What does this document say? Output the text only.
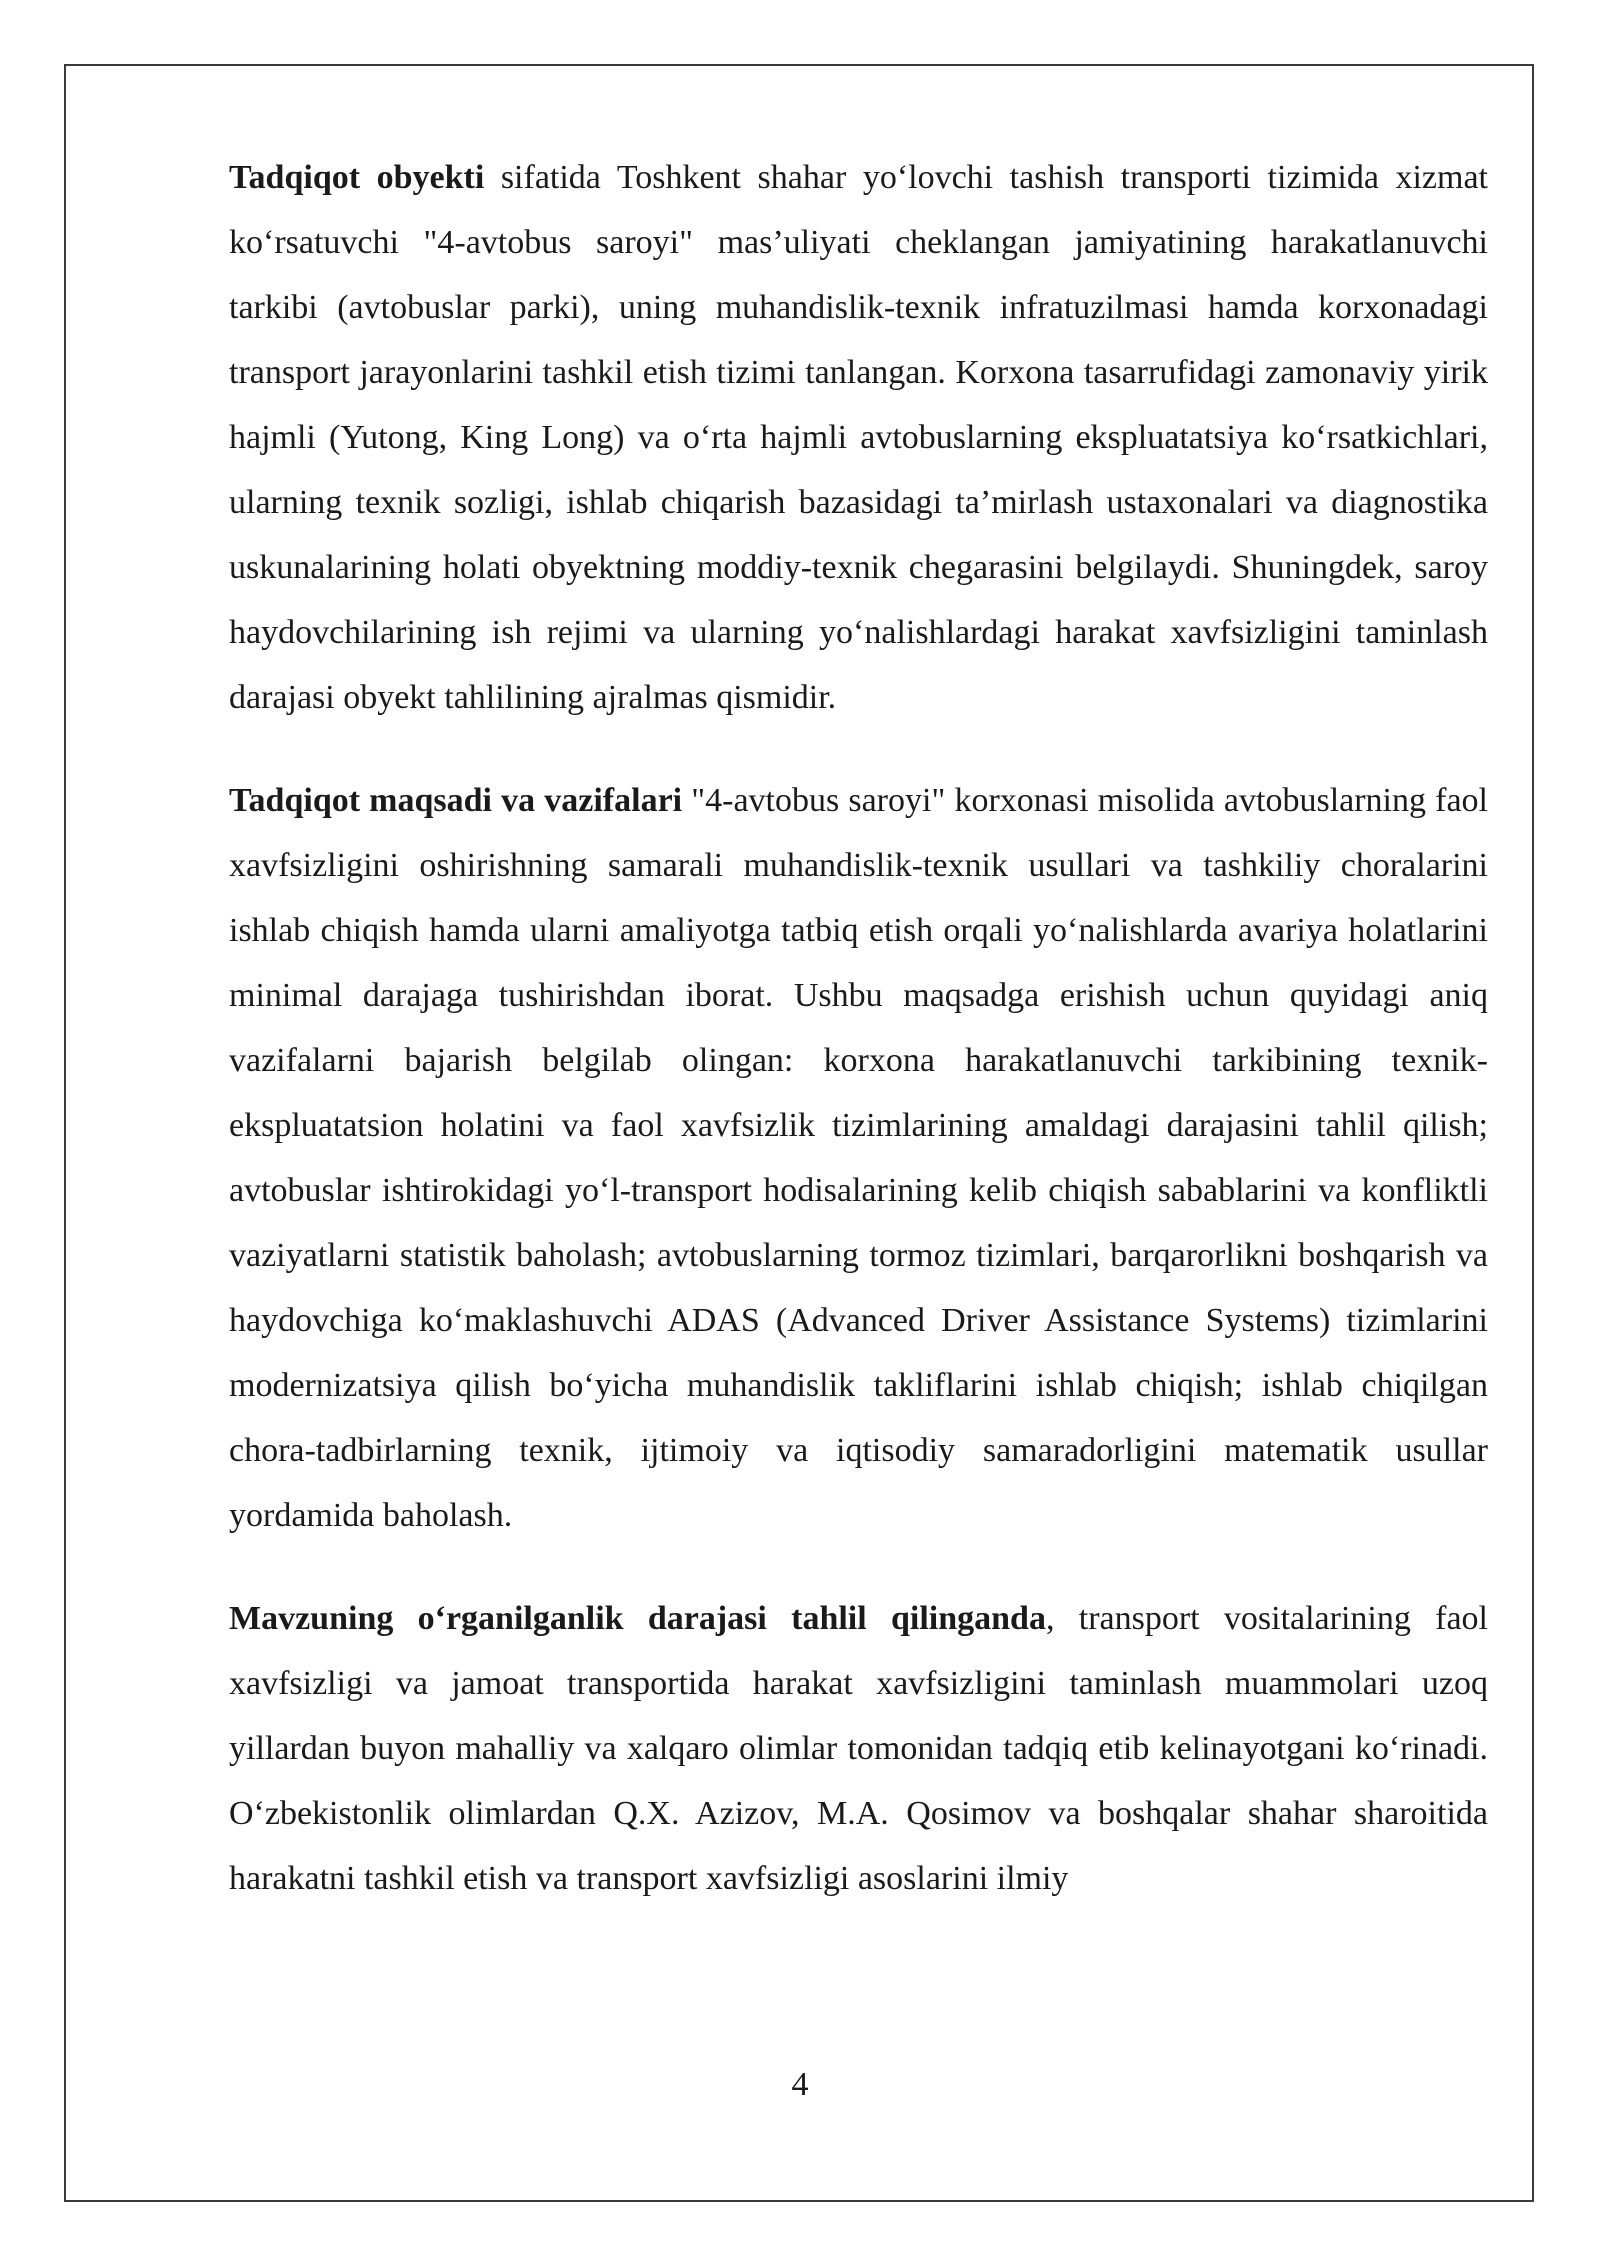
Tadqiqot obyekti sifatida Toshkent shahar yo‘lovchi tashish transporti tizimida xizmat ko‘rsatuvchi "4-avtobus saroyi" mas’uliyati cheklangan jamiyatining harakatlanuvchi tarkibi (avtobuslar parki), uning muhandislik-texnik infratuzilmasi hamda korxonadagi transport jarayonlarini tashkil etish tizimi tanlangan. Korxona tasarrufidagi zamonaviy yirik hajmli (Yutong, King Long) va o‘rta hajmli avtobuslarning ekspluatatsiya ko‘rsatkichlari, ularning texnik sozligi, ishlab chiqarish bazasidagi ta’mirlash ustaxonalari va diagnostika uskunalarining holati obyektning moddiy-texnik chegarasini belgilaydi. Shuningdek, saroy haydovchilarining ish rejimi va ularning yo‘nalishlardagi harakat xavfsizligini taminlash darajasi obyekt tahlilining ajralmas qismidir.

Tadqiqot maqsadi va vazifalari "4-avtobus saroyi" korxonasi misolida avtobuslarning faol xavfsizligini oshirishning samarali muhandislik-texnik usullari va tashkiliy choralarini ishlab chiqish hamda ularni amaliyotga tatbiq etish orqali yo‘nalishlarda avariya holatlarini minimal darajaga tushirishdan iborat. Ushbu maqsadga erishish uchun quyidagi aniq vazifalarni bajarish belgilab olingan: korxona harakatlanuvchi tarkibining texnik-ekspluatatsion holatini va faol xavfsizlik tizimlarining amaldagi darajasini tahlil qilish; avtobuslar ishtirokidagi yo‘l-transport hodisalarining kelib chiqish sabablarini va konfliktli vaziyatlarni statistik baholash; avtobuslarning tormoz tizimlari, barqarorlikni boshqarish va haydovchiga ko‘maklashuvchi ADAS (Advanced Driver Assistance Systems) tizimlarini modernizatsiya qilish bo‘yicha muhandislik takliflarini ishlab chiqish; ishlab chiqilgan chora-tadbirlarning texnik, ijtimoiy va iqtisodiy samaradorligini matematik usullar yordamida baholash.

Mavzuning o‘rganilganlik darajasi tahlil qilinganda, transport vositalarining faol xavfsizligi va jamoat transportida harakat xavfsizligini taminlash muammolari uzoq yillardan buyon mahalliy va xalqaro olimlar tomonidan tadqiq etib kelinayotgani ko‘rinadi. O‘zbekistonlik olimlardan Q.X. Azizov, M.A. Qosimov va boshqalar shahar sharoitida harakatni tashkil etish va transport xavfsizligi asoslarini ilmiy

4
